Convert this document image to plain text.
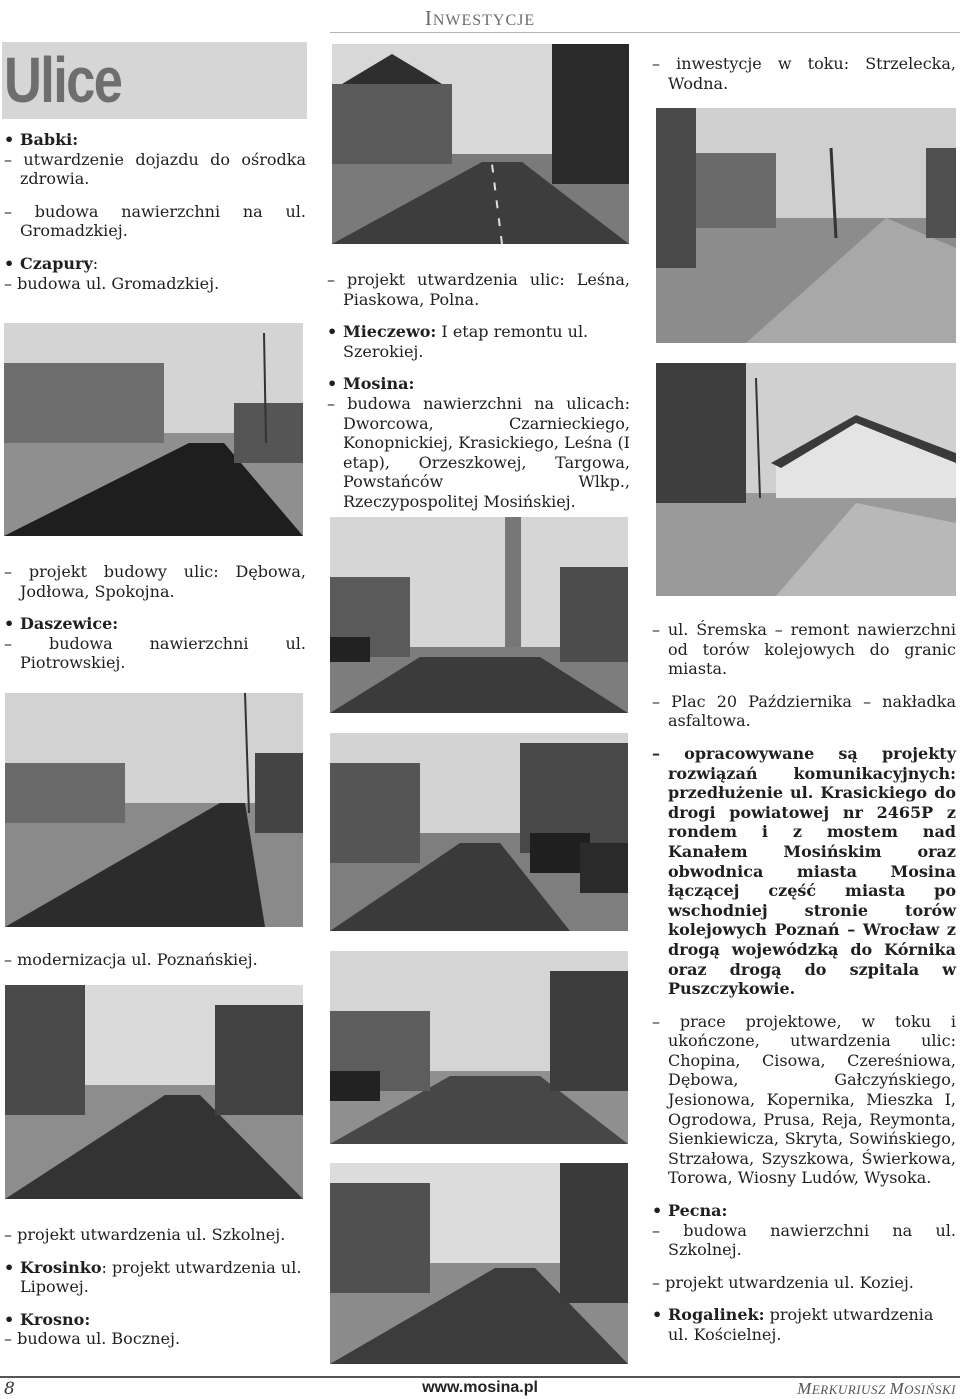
INWESTYCJE
Ulice
• Babki:
– utwardzenie dojazdu do ośrodka zdrowia.
– budowa nawierzchni na ul. Gromadzkiej.
• Czapury:
– budowa ul. Gromadzkiej.	– projekt utwardzenia ulic: Leśna, Piaskowa, Polna.
• Mieczewo: I etap remontu ul. Szerokiej.
• Mosina:
– budowa nawierzchni na ulicach: Dworcowa, Czarnieckiego, Konopnickiej, Krasickiego, Leśna (I etap), Orzeszkowej, Targowa, Powstańców Wlkp., Rzeczypospolitej Mosińskiej.
– inwestycje w toku: Strzelecka, Wodna.
– projekt budowy ulic: Dębowa, Jodłowa, Spokojna.
• Daszewice:
– budowa nawierzchni ul. Piotrowskiej.
– modernizacja ul. Poznańskiej.
– projekt utwardzenia ul. Szkolnej.
• Krosinko: projekt utwardzenia ul. Lipowej.
• Krosno:
– budowa ul. Bocznej.
– ul. Śremska – remont nawierzchni od torów kolejowych do granic miasta.
– Plac 20 Października – nakładka asfaltowa.
– opracowywane są projekty rozwiązań komunikacyjnych: przedłużenie ul. Krasickiego do drogi powiatowej nr 2465P z rondem i z mostem nad Kanałem Mosińskim oraz obwodnica miasta Mosina łączącej część miasta po wschodniej stronie torów kolejowych Poznań – Wrocław z drogą wojewódzką do Kórnika oraz drogą do szpitala w Puszczykowie.
– prace projektowe, w toku i ukończone, utwardzenia ulic: Chopina, Cisowa, Czereśniowa, Dębowa, Gałczyńskiego, Jesionowa, Kopernika, Mieszka I, Ogrodowa, Prusa, Reja, Reymonta, Sienkiewicza, Skryta, Sowińskiego, Strzałowa, Szyszkowa, Świerkowa, Torowa, Wiosny Ludów, Wysoka.
• Pecna:
– budowa nawierzchni na ul. Szkolnej.
– projekt utwardzenia ul. Koziej.
• Rogalinek: projekt utwardzenia ul. Kościelnej.
8	www.mosina.pl	MERKURIUSZ MOSIŃSKI
